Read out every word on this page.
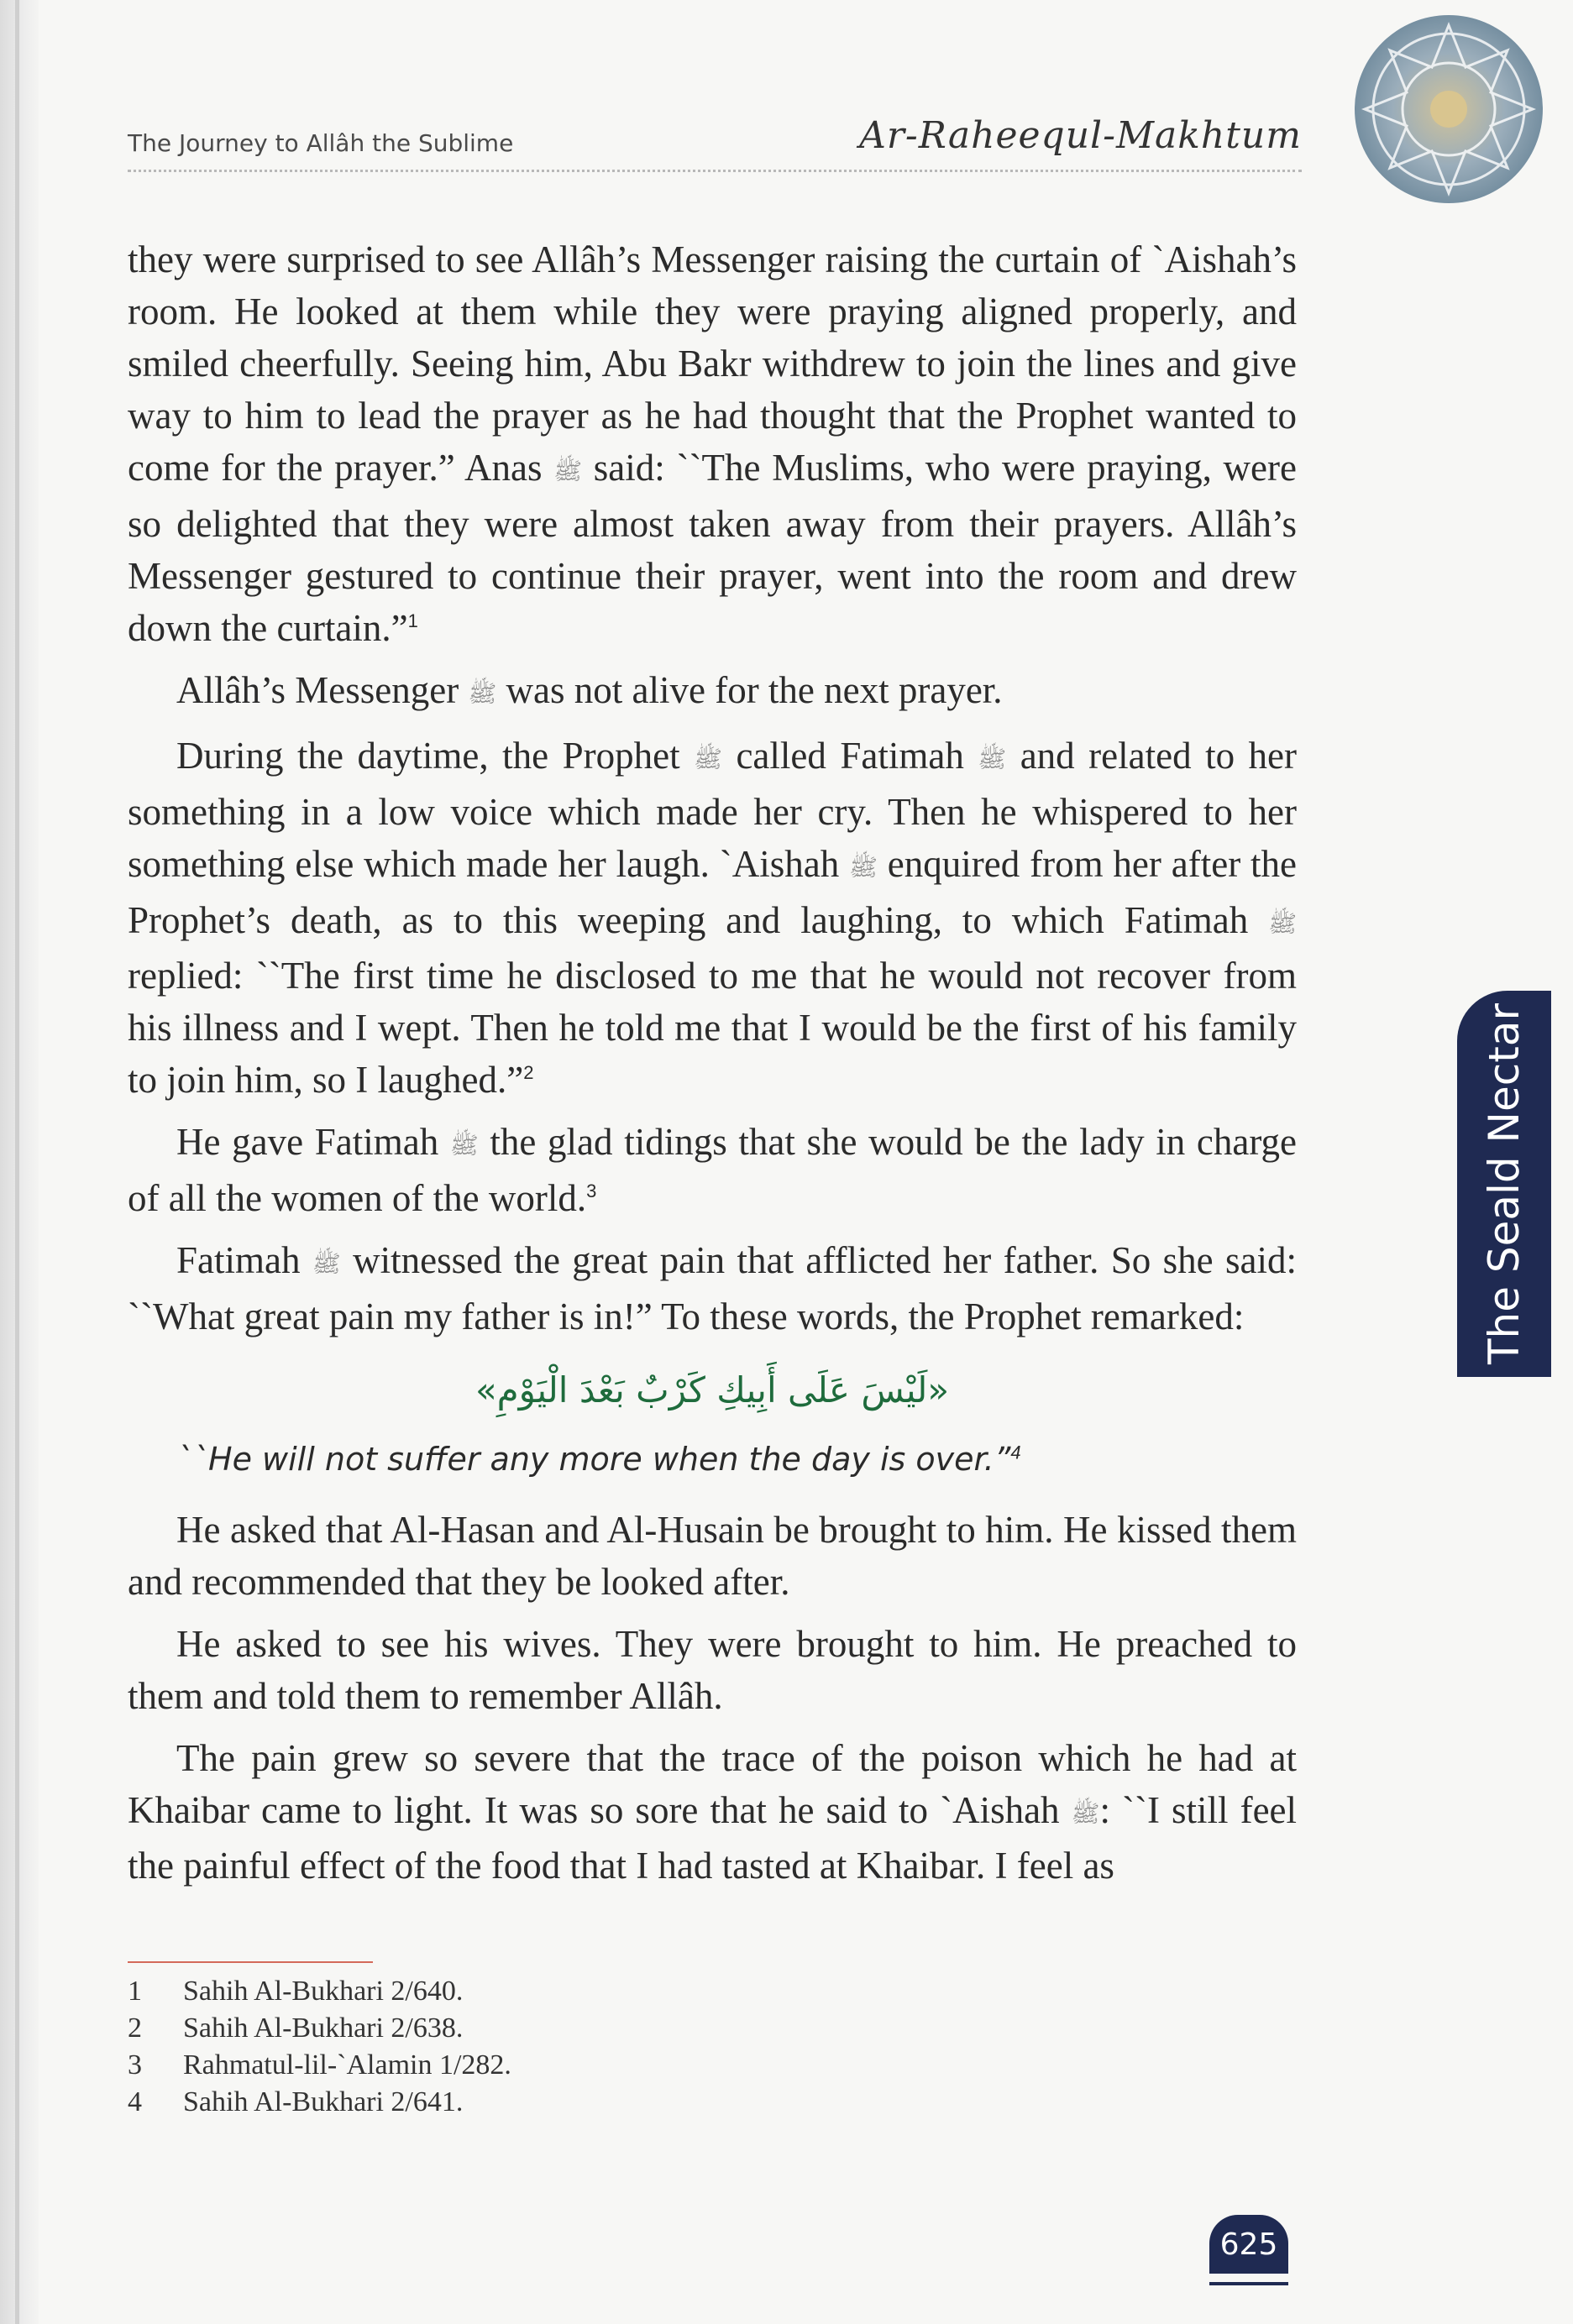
The Journey to Allâh the Sublime	Ar-Raheequl-Makhtum
The Seald Nectar

they were surprised to see Allâh’s Messenger raising the curtain of `Aishah’s room. He looked at them while they were praying aligned properly, and smiled cheerfully. Seeing him, Abu Bakr withdrew to join the lines and give way to him to lead the prayer as he had thought that the Prophet wanted to come for the prayer.” Anas ﷺ said: ``The Muslims, who were praying, were so delighted that they were almost taken away from their prayers. Allâh’s Messenger gestured to continue their prayer, went into the room and drew down the curtain.”$^1$

Allâh’s Messenger ﷺ was not alive for the next prayer.

During the daytime, the Prophet ﷺ called Fatimah ﷺ and related to her something in a low voice which made her cry. Then he whispered to her something else which made her laugh. `Aishah ﷺ enquired from her after the Prophet’s death, as to this weeping and laughing, to which Fatimah ﷺ replied: ``The first time he disclosed to me that he would not recover from his illness and I wept. Then he told me that I would be the first of his family to join him, so I laughed.”$^2$

He gave Fatimah ﷺ the glad tidings that she would be the lady in charge of all the women of the world.$^3$

Fatimah ﷺ witnessed the great pain that afflicted her father. So she said: ``What great pain my father is in!” To these words, the Prophet remarked:

«لَيْسَ عَلَى أَبِيكِ كَرْبٌ بَعْدَ الْيَوْمِ»

``He will not suffer any more when the day is over.”$^4$

He asked that Al-Hasan and Al-Husain be brought to him. He kissed them and recommended that they be looked after.

He asked to see his wives. They were brought to him. He preached to them and told them to remember Allâh.

The pain grew so severe that the trace of the poison which he had at Khaibar came to light. It was so sore that he said to `Aishah ﷺ: ``I still feel the painful effect of the food that I had tasted at Khaibar. I feel as

1	Sahih Al-Bukhari 2/640.
2	Sahih Al-Bukhari 2/638.
3	Rahmatul-lil-`Alamin 1/282.
4	Sahih Al-Bukhari 2/641.
625
